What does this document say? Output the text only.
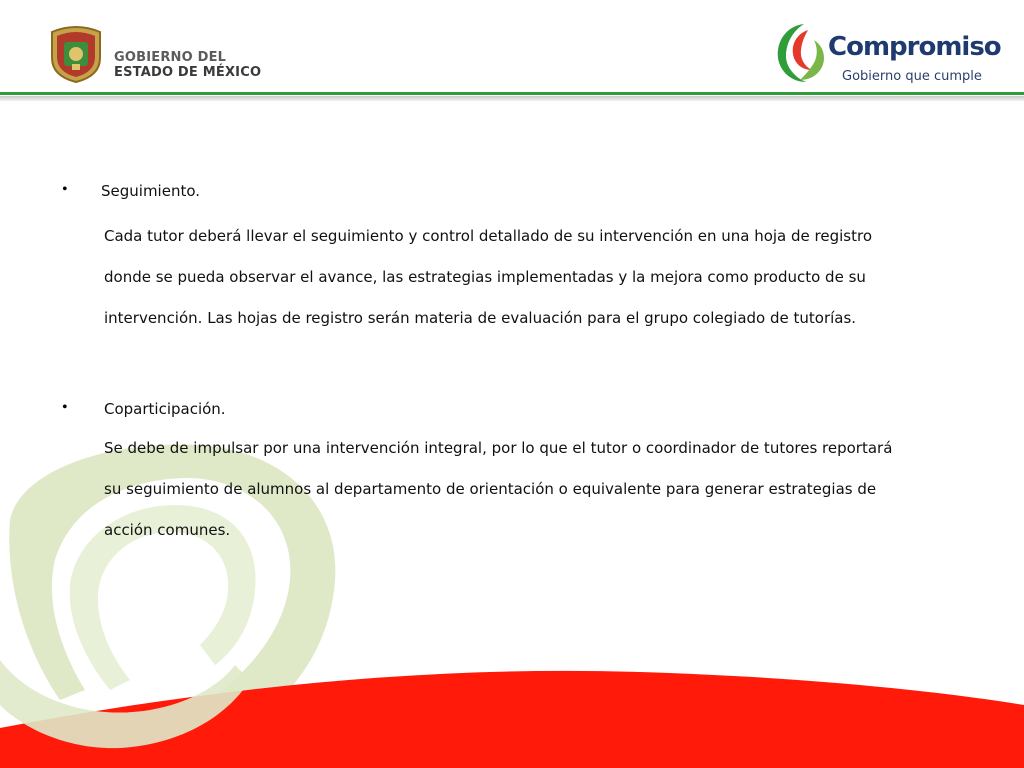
GOBIERNO DEL
ESTADO DE MÉXICO
Compromiso
Gobierno que cumple
• Seguimiento.
Cada tutor deberá llevar el seguimiento y control detallado de su intervención en una hoja de registro
donde se pueda observar el avance, las estrategias implementadas y la mejora como producto de su
intervención. Las hojas de registro serán materia de evaluación para el grupo colegiado de tutorías.
• Coparticipación.
Se debe de impulsar por una intervención integral, por lo que el tutor o coordinador de tutores reportará
su seguimiento de alumnos al departamento de orientación o equivalente para generar estrategias de
acción comunes.
